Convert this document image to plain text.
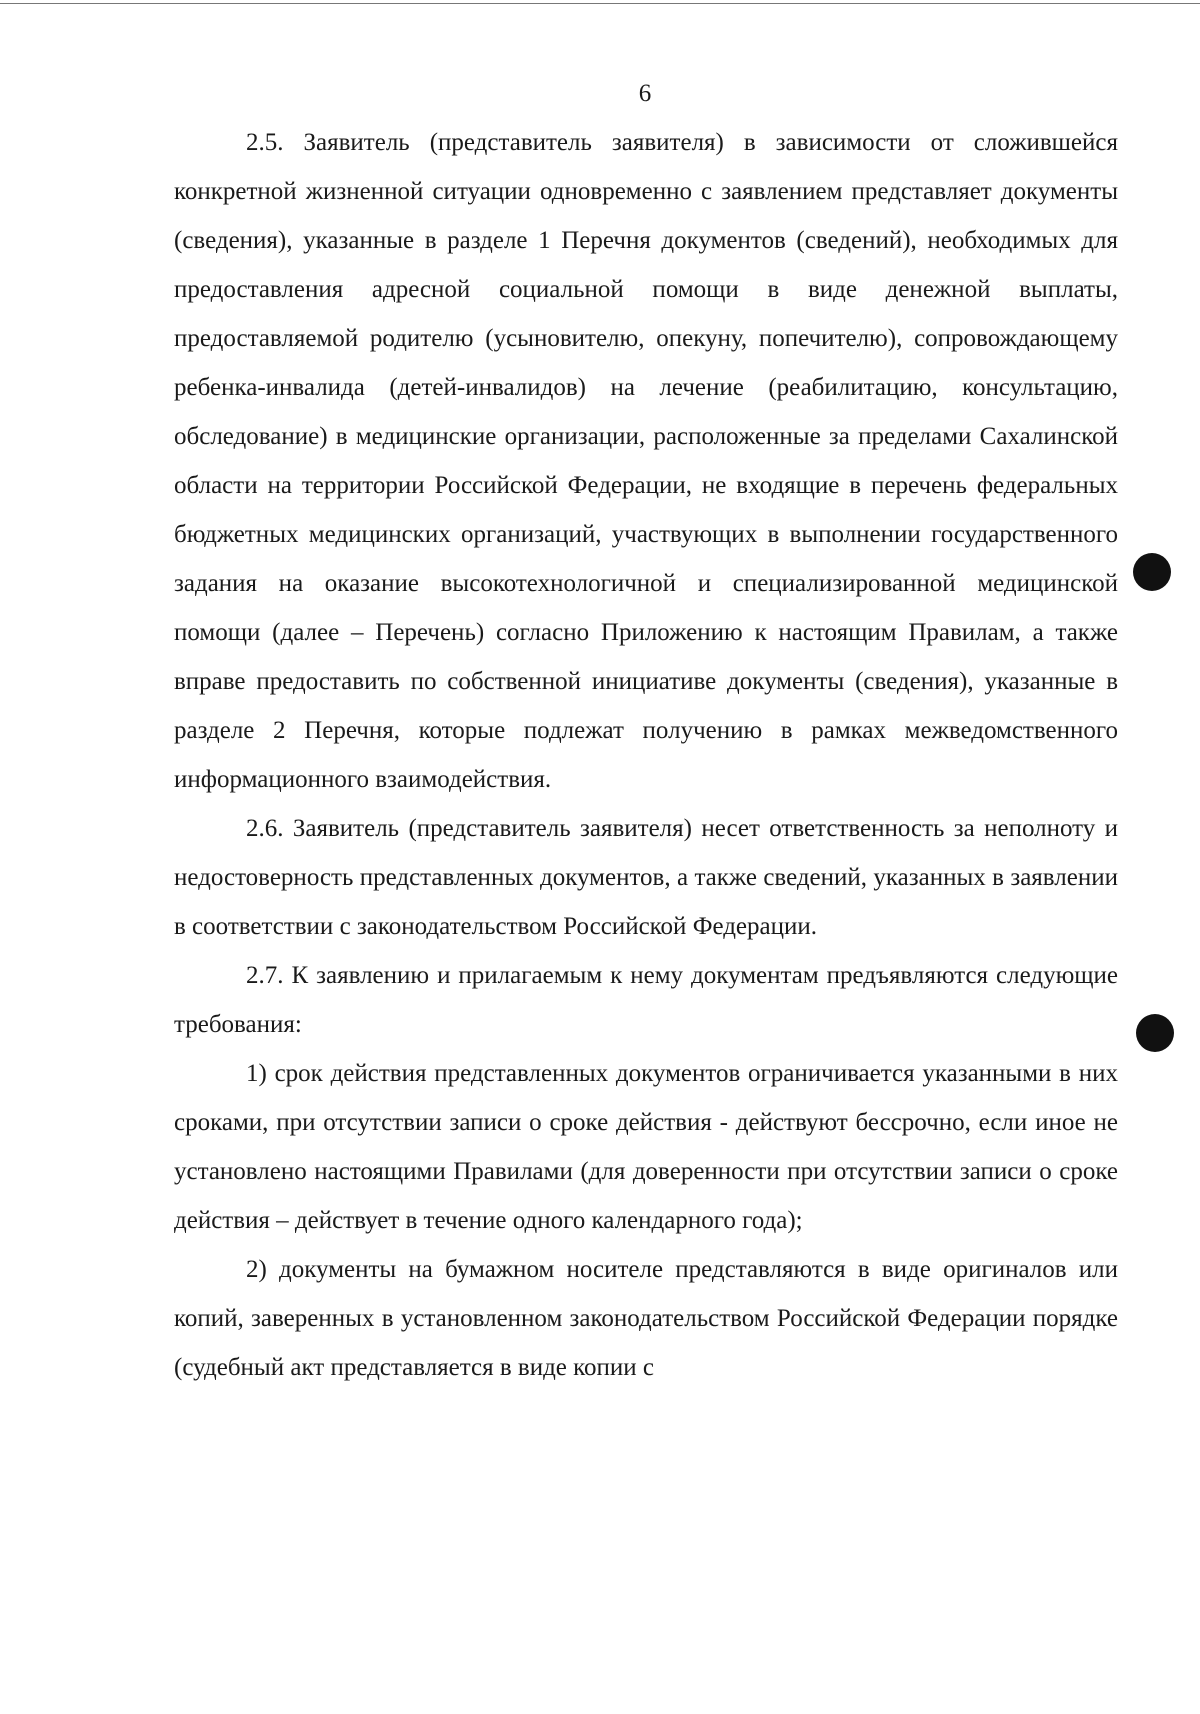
6

2.5. Заявитель (представитель заявителя) в зависимости от сложившейся конкретной жизненной ситуации одновременно с заявлением представляет документы (сведения), указанные в разделе 1 Перечня документов (сведений), необходимых для предоставления адресной социальной помощи в виде денежной выплаты, предоставляемой родителю (усыновителю, опекуну, попечителю), сопровождающему ребенка-инвалида (детей-инвалидов) на лечение (реабилитацию, консультацию, обследование) в медицинские организации, расположенные за пределами Сахалинской области на территории Российской Федерации, не входящие в перечень федеральных бюджетных медицинских организаций, участвующих в выполнении государственного задания на оказание высокотехнологичной и специализированной медицинской помощи (далее – Перечень) согласно Приложению к настоящим Правилам, а также вправе предоставить по собственной инициативе документы (сведения), указанные в разделе 2 Перечня, которые подлежат получению в рамках межведомственного информационного взаимодействия.

2.6. Заявитель (представитель заявителя) несет ответственность за неполноту и недостоверность представленных документов, а также сведений, указанных в заявлении в соответствии с законодательством Российской Федерации.

2.7. К заявлению и прилагаемым к нему документам предъявляются следующие требования:

1) срок действия представленных документов ограничивается указанными в них сроками, при отсутствии записи о сроке действия - действуют бессрочно, если иное не установлено настоящими Правилами (для доверенности при отсутствии записи о сроке действия – действует в течение одного календарного года);

2) документы на бумажном носителе представляются в виде оригиналов или копий, заверенных в установленном законодательством Российской Федерации порядке (судебный акт представляется в виде копии с
